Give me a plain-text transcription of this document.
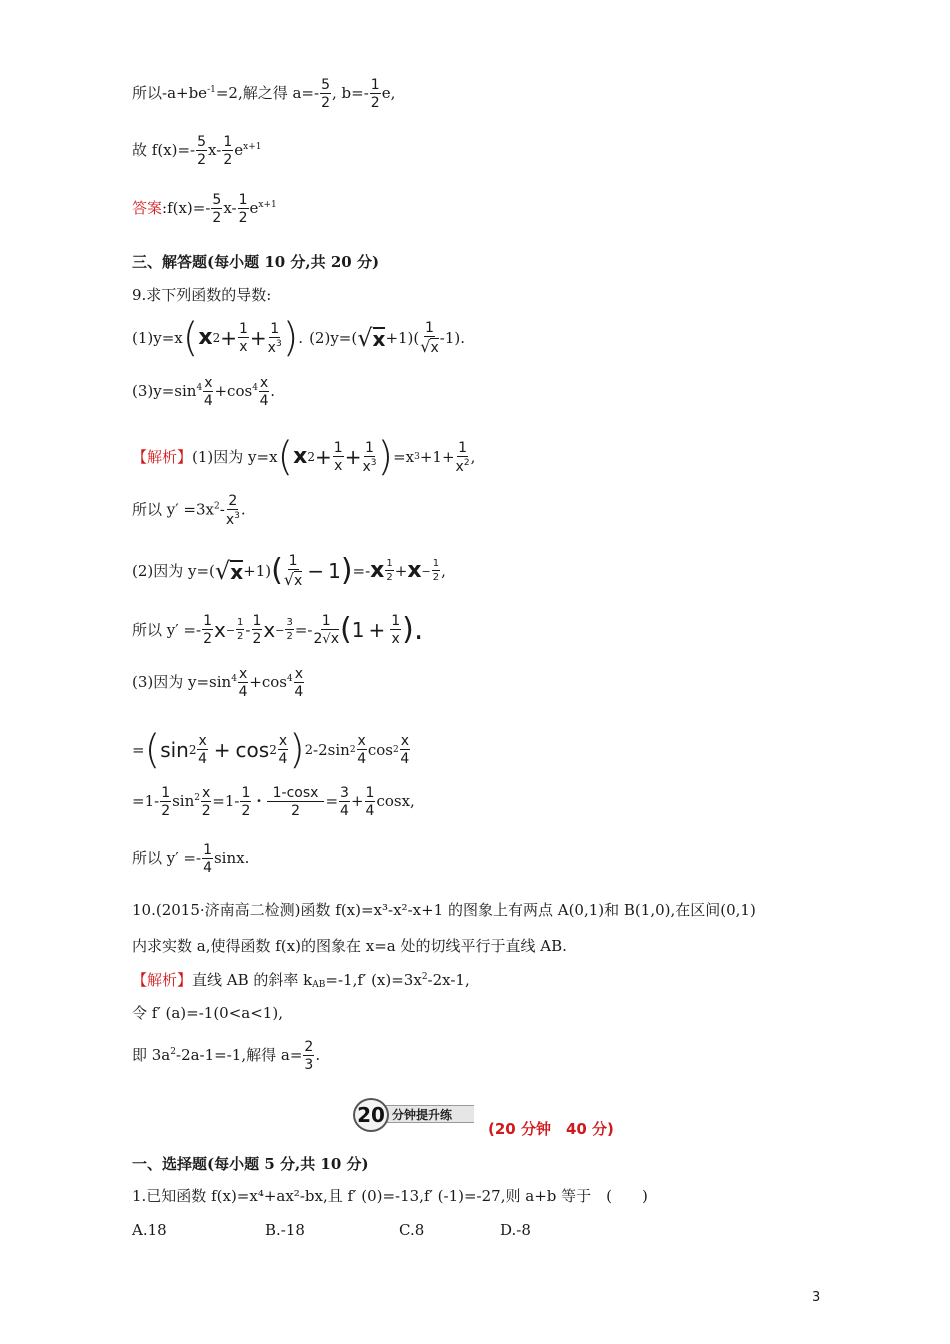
所以$-a+be^{-1}=2$,解之得 $a=- \frac{5}{2}$ , $b=- \frac{1}{2} e$,
故 $f(x)=- \frac{5}{2} x- \frac{1}{2} e^{x+1}$
答案:f(x)=- $\frac{5}{2} x- \frac{1}{2} e^{x+1}$
三、解答题(每小题 10 分,共 20 分)
9.求下列函数的导数:
(1)y=x ( x $2 + \frac{1}{x} + \frac{1}{x^3}$ ) . (2)y=( √ x +1)(
1
√x
-1).
$(3)y=\sin^4 \frac{x}{4} +\cos^4 \frac{x}{4}$ .
【解析】 (1)因为 y=x ( x $2 + \frac{1}{x} + \frac{1}{x^3}$ ) =x $3 +1+ \frac{1}{x^2}$ ,
所以 $y' =3x^2- \frac{2}{x^3}$ .
(2)因为 y=( √ x +1) ( 1
√x − 1 ) =- x 1
$2 + x - \frac{1}{2}$ ,
所以 y′ =- 1
2 $x - \frac{1}{2} - 1$
2 $x - \frac{3}{2} =- 1$
2√x ( $1 + \frac{1}{x}$ ).
(3)因为 $y=\sin^4 \frac{x}{4} +\cos^4 \frac{x}{4}$
= ( sin 2
x
4 + cos 2
x
4 ) 2 -2sin 2
x
4
cos 2
x
4
$=1- \frac{1}{2} \sin^2 \frac{x}{2} =1- \frac{1}{2} \cdot \frac{1-\cos x}{2} = \frac{3}{4} + \frac{1}{4} \cos x$,
所以 $y' =- \frac{1}{4} \sin x$.
10.(2015·济南高二检测)函数 f(x)=x³-x²-x+1 的图象上有两点 A(0,1)和 B(1,0),在区间(0,1)
内求实数 a,使得函数 f(x)的图象在 x=a 处的切线平行于直线 AB.
【解析】直线 AB 的斜率 $k_{AB}=-1,f'$ $(x)=3x^2-2x-1$,
令 f′ (a)=-1(0<a<1),
即 $3a^2-2a-1=-1$,解得 $a= \frac{2}{3}$ .
分钟提升练
20
(20 分钟　40 分)
一、选择题(每小题 5 分,共 10 分)
1.已知函数 f(x)=x⁴+ax²-bx,且 f′ (0)=-13,f′ (-1)=-27,则 a+b 等于　(　　)
A.18	B.-18	C.8	D.-8
3
